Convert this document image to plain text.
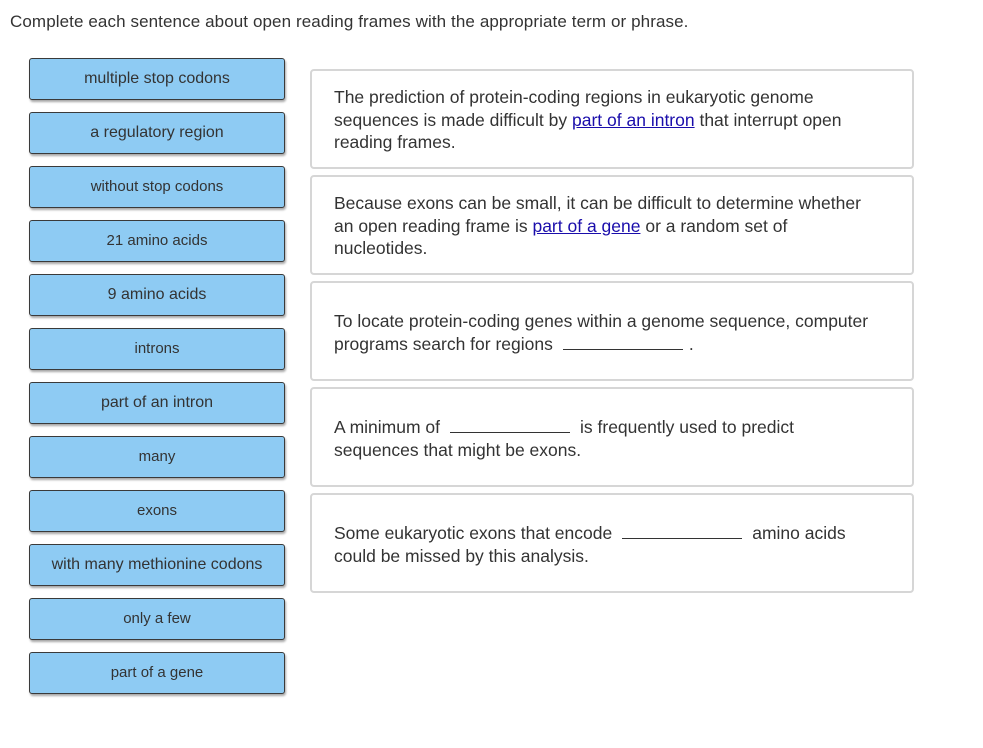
Complete each sentence about open reading frames with the appropriate term or phrase.
multiple stop codons
a regulatory region
without stop codons
21 amino acids
9 amino acids
introns
part of an intron
many
exons
with many methionine codons
only a few
part of a gene
The prediction of protein-coding regions in eukaryotic genome sequences is made difficult by part of an intron that interrupt open reading frames.
Because exons can be small, it can be difficult to determine whether an open reading frame is part of a gene or a random set of nucleotides.
To locate protein-coding genes within a genome sequence, computer programs search for regions	.
A minimum of	is frequently used to predict sequences that might be exons.
Some eukaryotic exons that encode	amino acids could be missed by this analysis.
